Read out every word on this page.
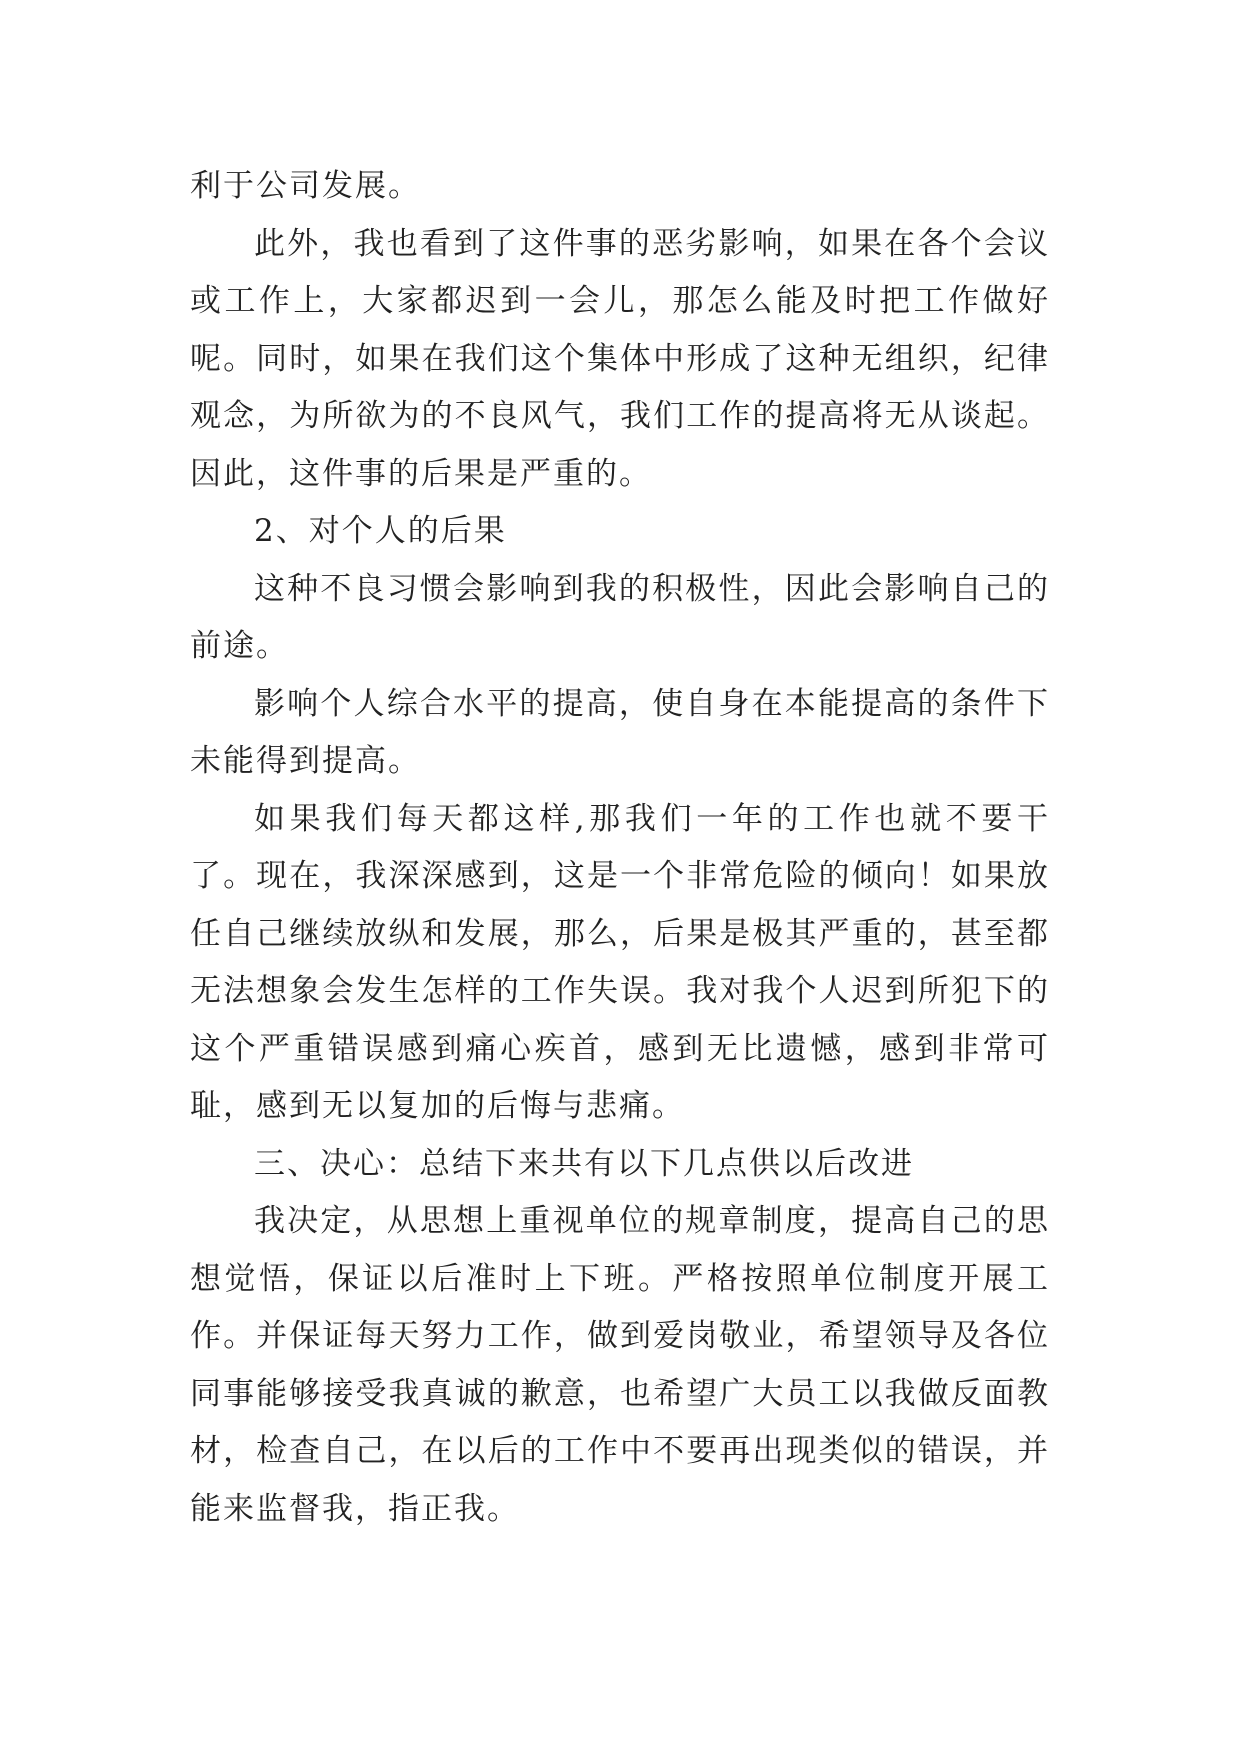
利于公司发展。

此外，我也看到了这件事的恶劣影响，如果在各个会议或工作上，大家都迟到一会儿，那怎么能及时把工作做好呢。同时，如果在我们这个集体中形成了这种无组织，纪律观念，为所欲为的不良风气，我们工作的提高将无从谈起。因此，这件事的后果是严重的。

2、对个人的后果

这种不良习惯会影响到我的积极性，因此会影响自己的前途。

影响个人综合水平的提高，使自身在本能提高的条件下未能得到提高。

如果我们每天都这样,那我们一年的工作也就不要干了。现在，我深深感到，这是一个非常危险的倾向！如果放任自己继续放纵和发展，那么，后果是极其严重的，甚至都无法想象会发生怎样的工作失误。我对我个人迟到所犯下的这个严重错误感到痛心疾首，感到无比遗憾，感到非常可耻，感到无以复加的后悔与悲痛。

三、决心：总结下来共有以下几点供以后改进

我决定，从思想上重视单位的规章制度，提高自己的思想觉悟，保证以后准时上下班。严格按照单位制度开展工作。并保证每天努力工作，做到爱岗敬业，希望领导及各位同事能够接受我真诚的歉意，也希望广大员工以我做反面教材，检查自己，在以后的工作中不要再出现类似的错误，并能来监督我，指正我。
